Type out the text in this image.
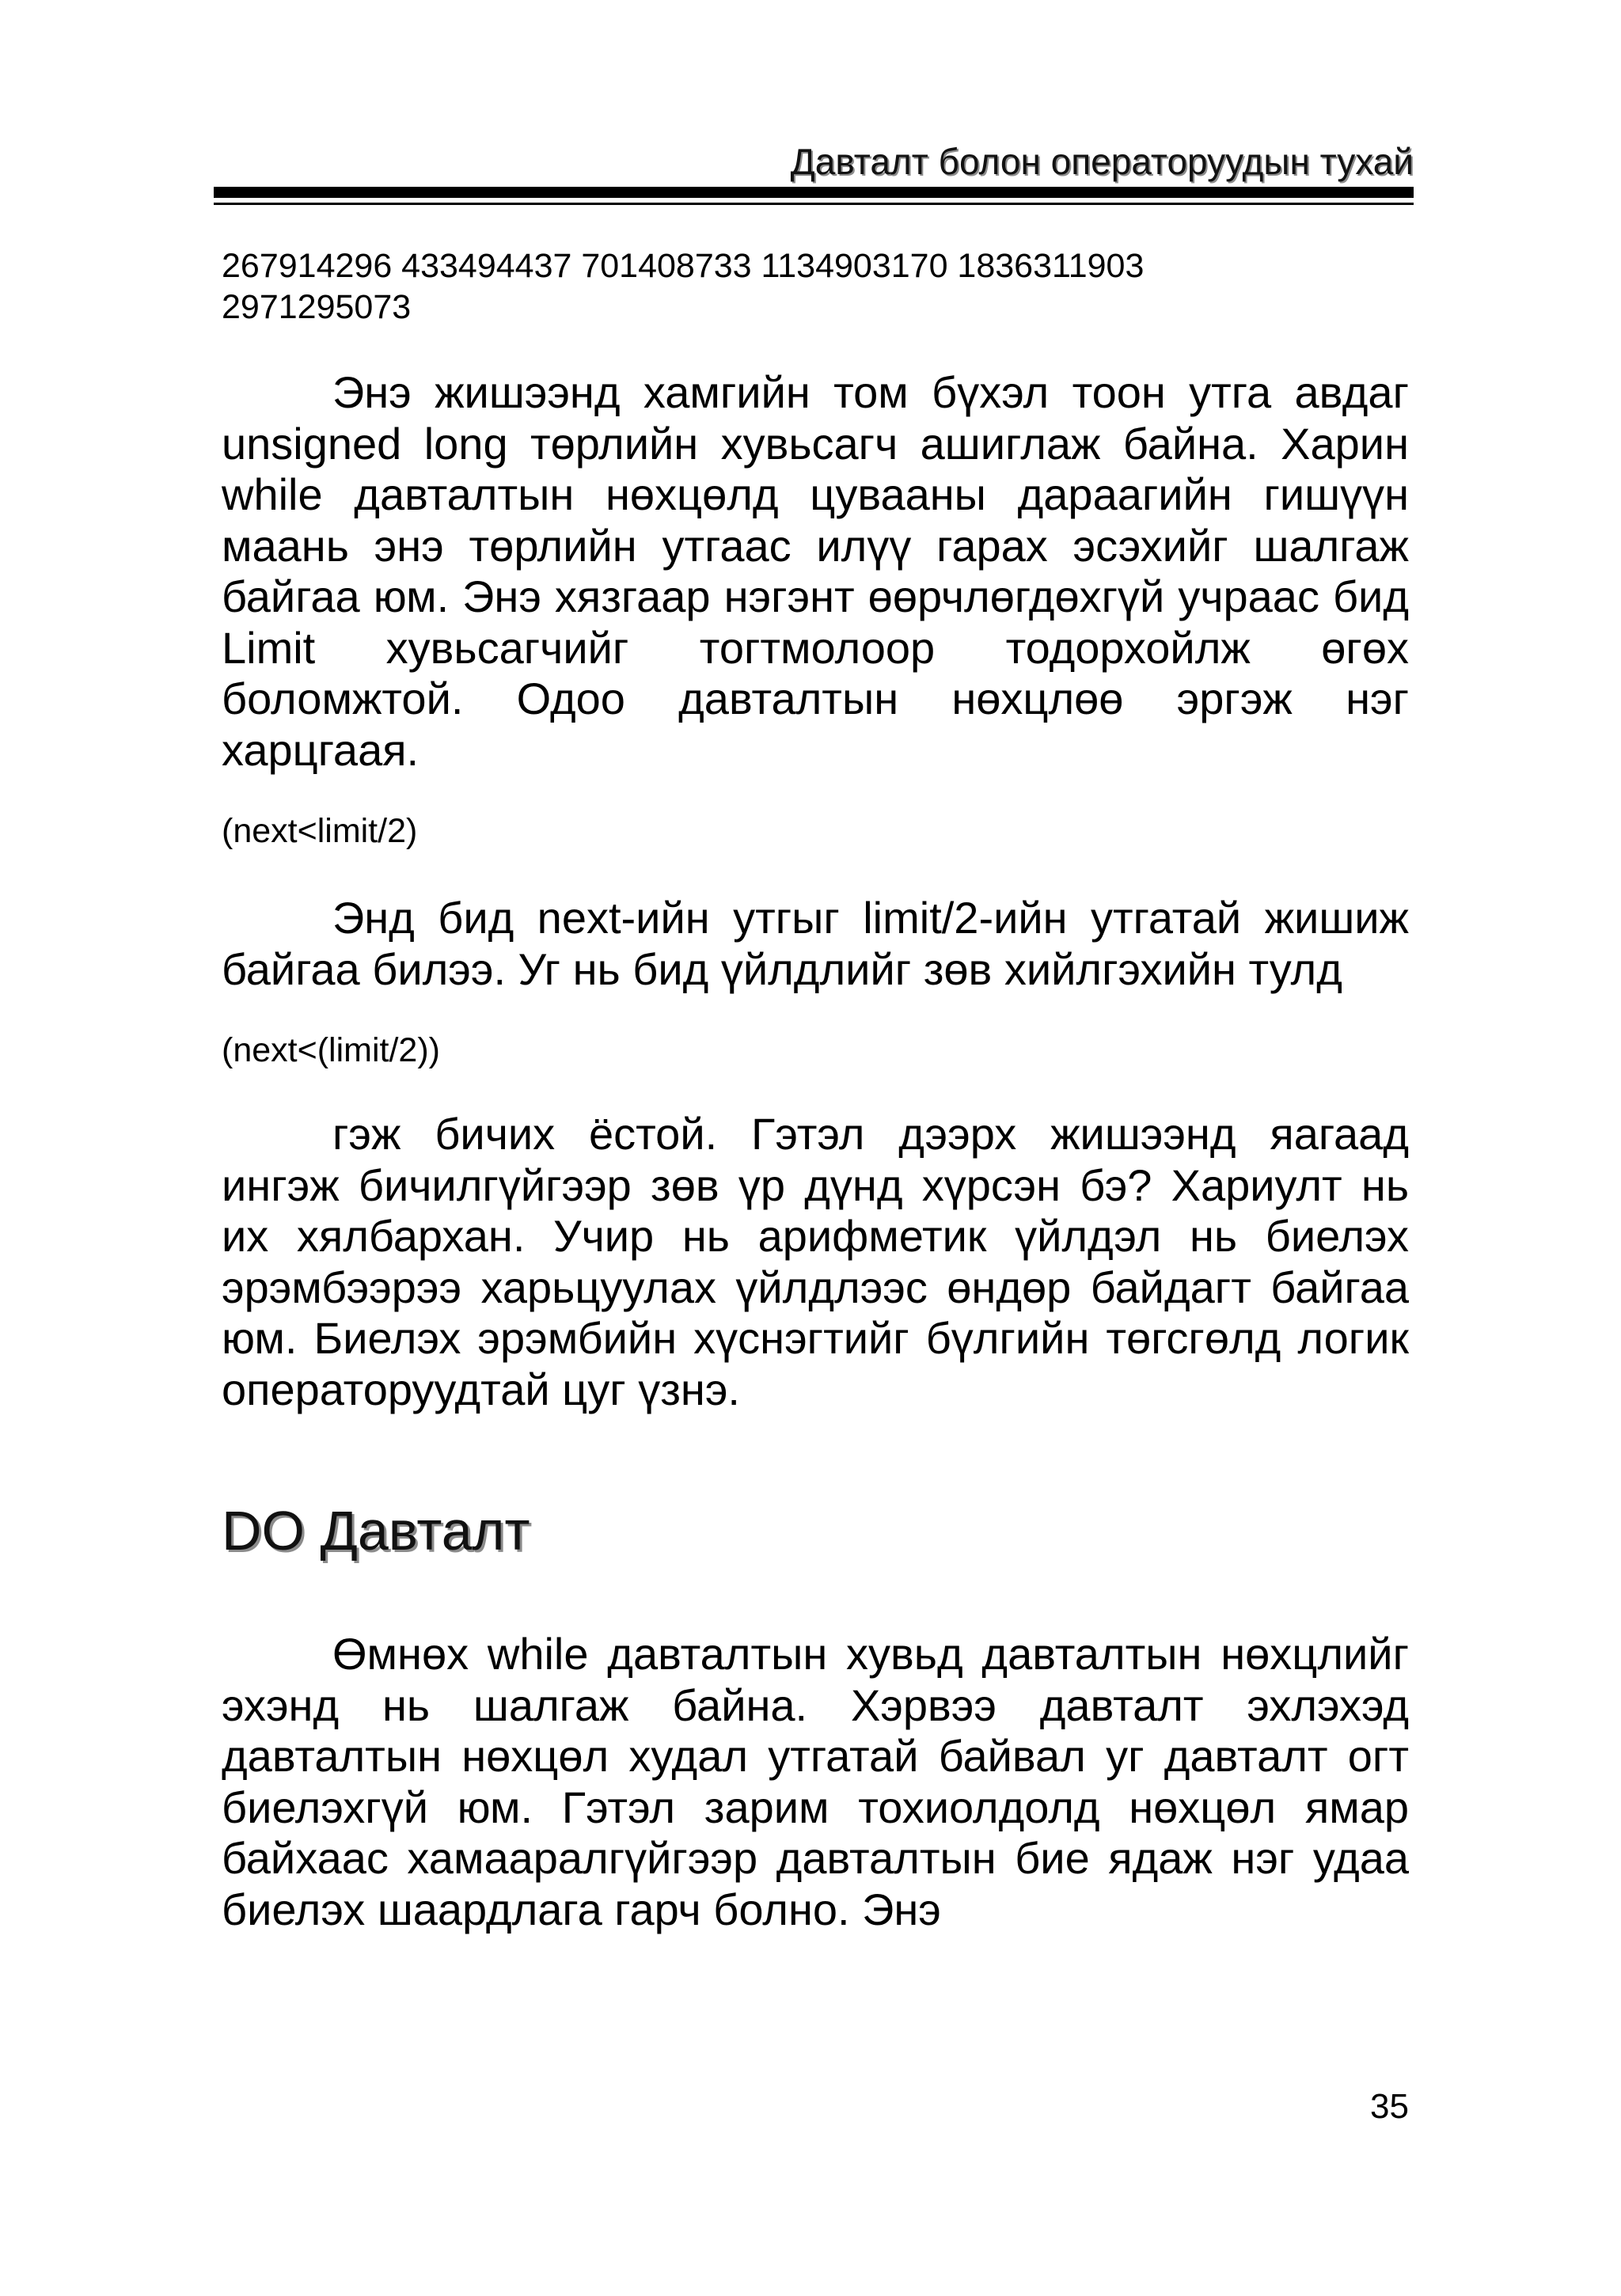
Давталт болон операторуудын тухай

267914296 433494437 701408733 1134903170 1836311903

2971295073

Энэ жишээнд хамгийн том бүхэл тоон утга авдаг unsigned long төрлийн хувьсагч ашиглаж байна. Харин while давталтын нөхцөлд цувааны дараагийн гишүүн маань энэ төрлийн утгаас илүү гарах эсэхийг шалгаж байгаа юм. Энэ хязгаар нэгэнт өөрчлөгдөхгүй учраас бид Limit хувьсагчийг тогтмолоор тодорхойлж өгөх боломжтой. Одоо давталтын нөхцлөө эргэж нэг харцгаая.

(next<limit/2)

Энд бид next-ийн утгыг limit/2-ийн утгатай жишиж байгаа билээ. Уг нь бид үйлдлийг зөв хийлгэхийн тулд

(next<(limit/2))

гэж бичих ёстой. Гэтэл дээрх жишээнд яагаад ингэж бичилгүйгээр зөв үр дүнд хүрсэн бэ? Хариулт нь их хялбархан. Учир нь арифметик үйлдэл нь биелэх эрэмбээрээ харьцуулах үйлдлээс өндөр байдагт байгаа юм. Биелэх эрэмбийн хүснэгтийг бүлгийн төгсгөлд логик операторуудтай цуг үзнэ.

DO Давталт

Өмнөх while давталтын хувьд давталтын нөхцлийг эхэнд нь шалгаж байна. Хэрвээ давталт эхлэхэд давталтын нөхцөл худал утгатай байвал уг давталт огт биелэхгүй юм. Гэтэл зарим тохиолдолд нөхцөл ямар байхаас хамааралгүйгээр давталтын бие ядаж нэг удаа биелэх шаардлага гарч болно. Энэ

35
